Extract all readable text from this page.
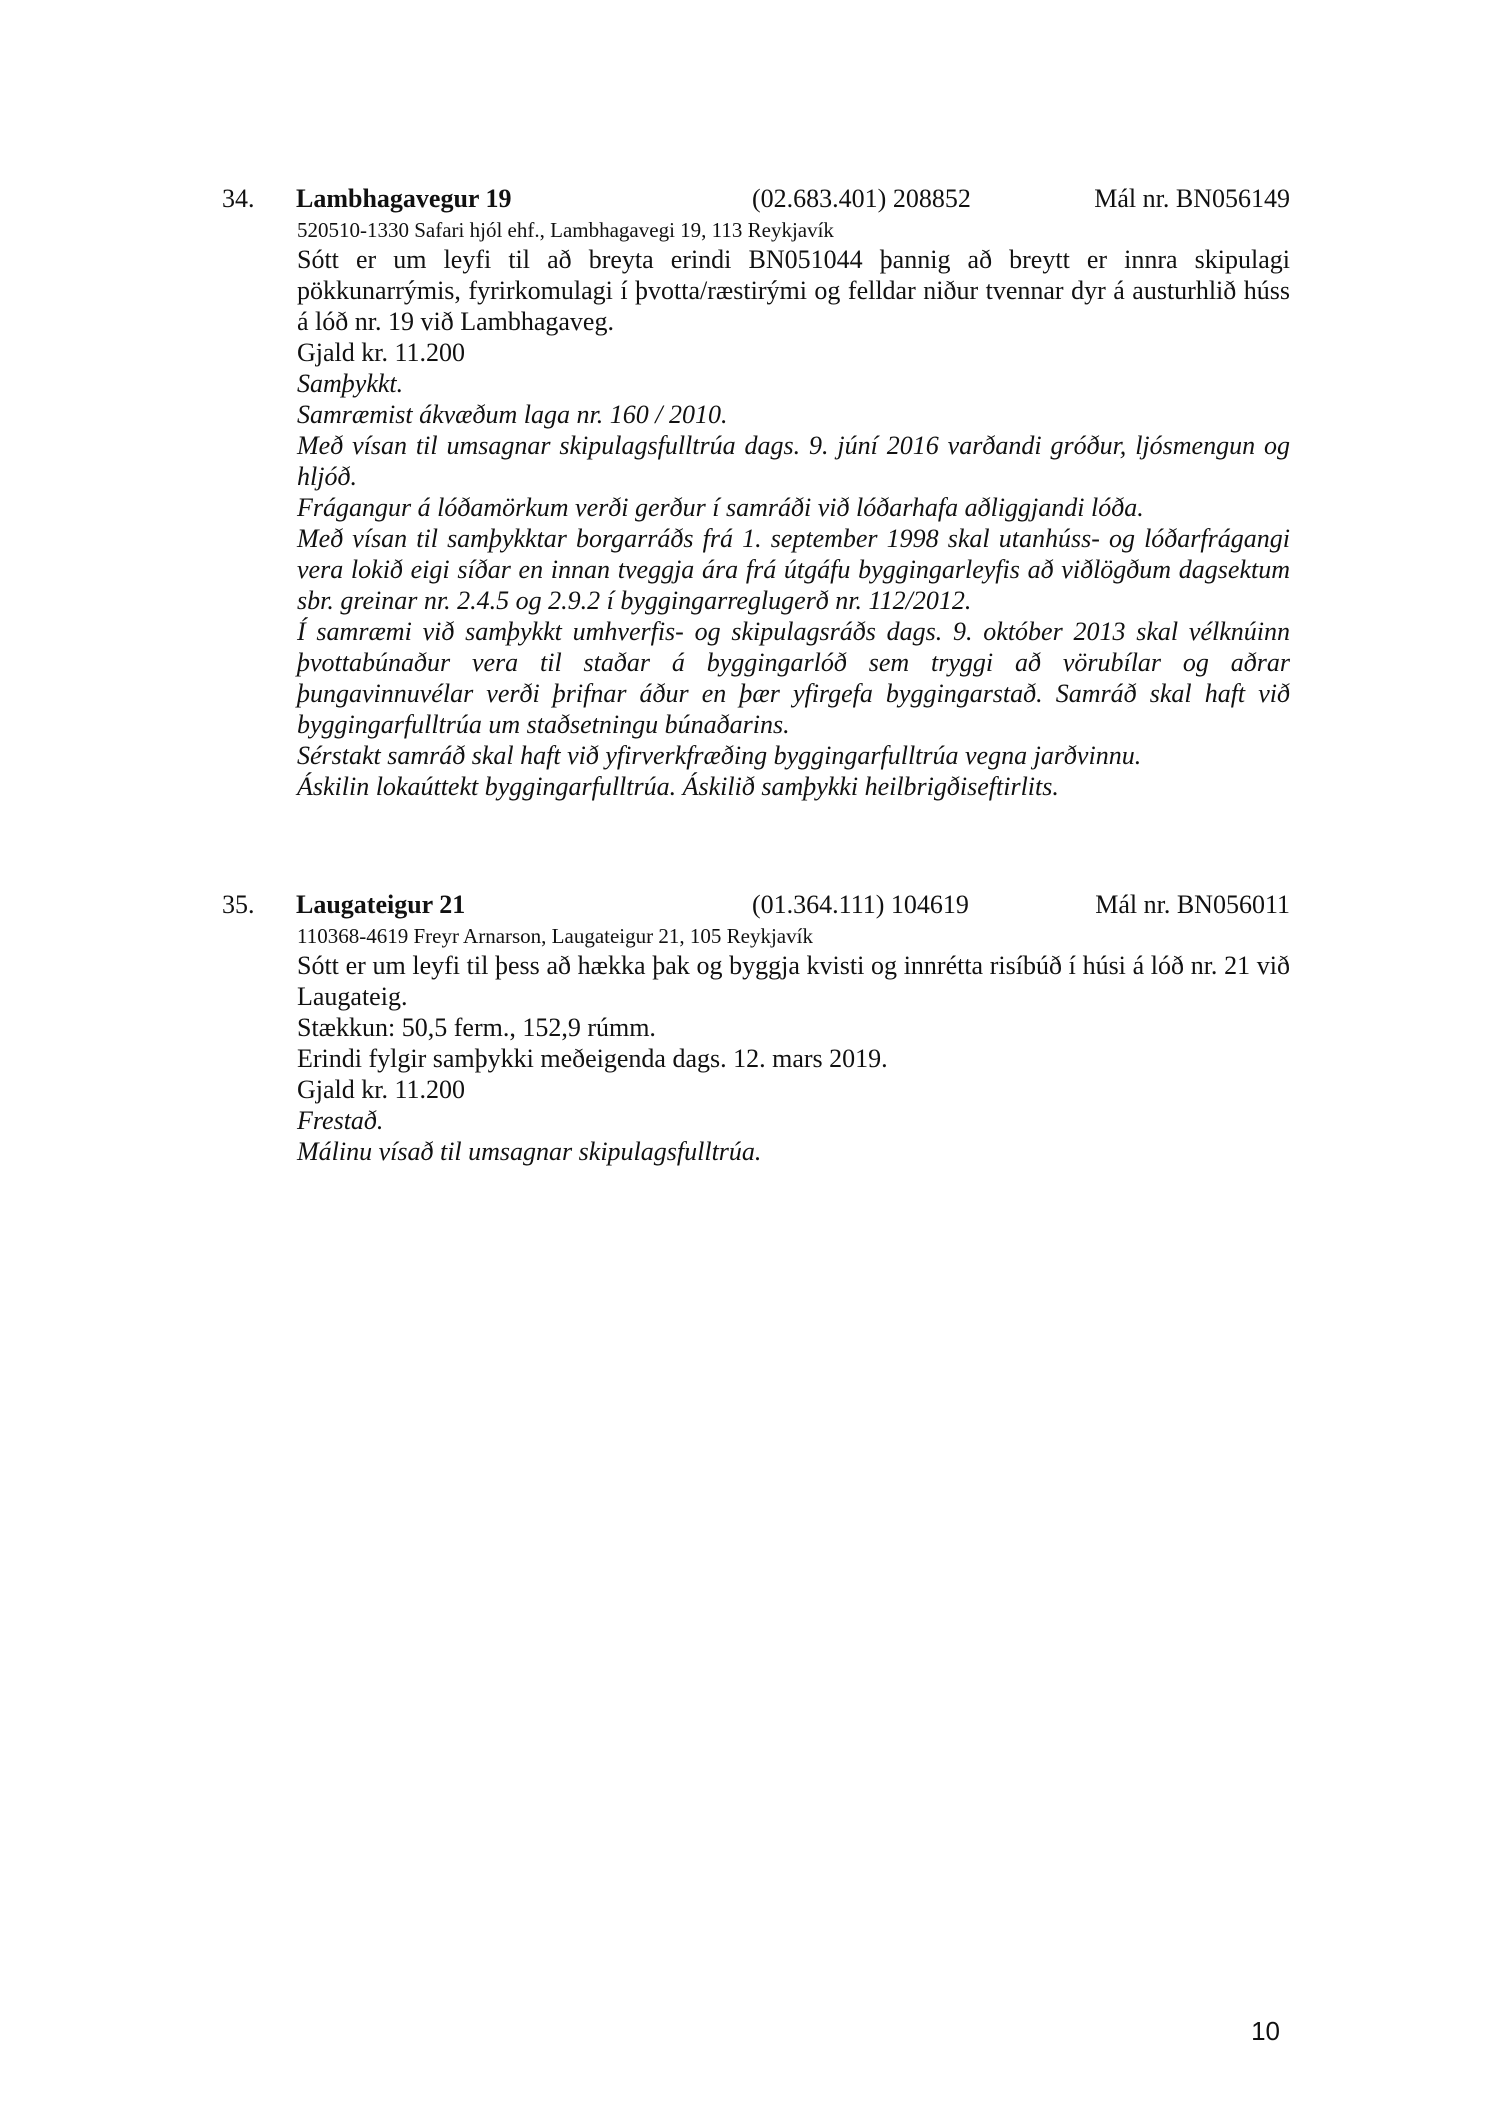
34. Lambhagavegur 19	(02.683.401) 208852	Mál nr. BN056149

520510-1330 Safari hjól ehf., Lambhagavegi 19, 113 Reykjavík

Sótt er um leyfi til að breyta erindi BN051044 þannig að breytt er innra skipulagi pökkunarrýmis, fyrirkomulagi í þvotta/ræstirými og felldar niður tvennar dyr á austurhlið húss á lóð nr. 19 við Lambhagaveg.

Gjald kr. 11.200

Samþykkt.

Samræmist ákvæðum laga nr. 160 / 2010.

Með vísan til umsagnar skipulagsfulltrúa dags. 9. júní 2016 varðandi gróður, ljósmengun og hljóð.

Frágangur á lóðamörkum verði gerður í samráði við lóðarhafa aðliggjandi lóða.

Með vísan til samþykktar borgarráðs frá 1. september 1998 skal utanhúss- og lóðarfrágangi vera lokið eigi síðar en innan tveggja ára frá útgáfu byggingarleyfis að viðlögðum dagsektum sbr. greinar nr. 2.4.5 og 2.9.2 í byggingarreglugerð nr. 112/2012.

Í samræmi við samþykkt umhverfis- og skipulagsráðs dags. 9. október 2013 skal vélknúinn þvottabúnaður vera til staðar á byggingarlóð sem tryggi að vörubílar og aðrar þungavinnuvélar verði þrifnar áður en þær yfirgefa byggingarstað. Samráð skal haft við byggingarfulltrúa um staðsetningu búnaðarins.

Sérstakt samráð skal haft við yfirverkfræðing byggingarfulltrúa vegna jarðvinnu.

Áskilin lokaúttekt byggingarfulltrúa. Áskilið samþykki heilbrigðiseftirlits.

35. Laugateigur 21	(01.364.111) 104619	Mál nr. BN056011

110368-4619 Freyr Arnarson, Laugateigur 21, 105 Reykjavík

Sótt er um leyfi til þess að hækka þak og byggja kvisti og innrétta risíbúð í húsi á lóð nr. 21 við Laugateig.

Stækkun: 50,5 ferm., 152,9 rúmm.

Erindi fylgir samþykki meðeigenda dags. 12. mars 2019.

Gjald kr. 11.200

Frestað.

Málinu vísað til umsagnar skipulagsfulltrúa.

10
